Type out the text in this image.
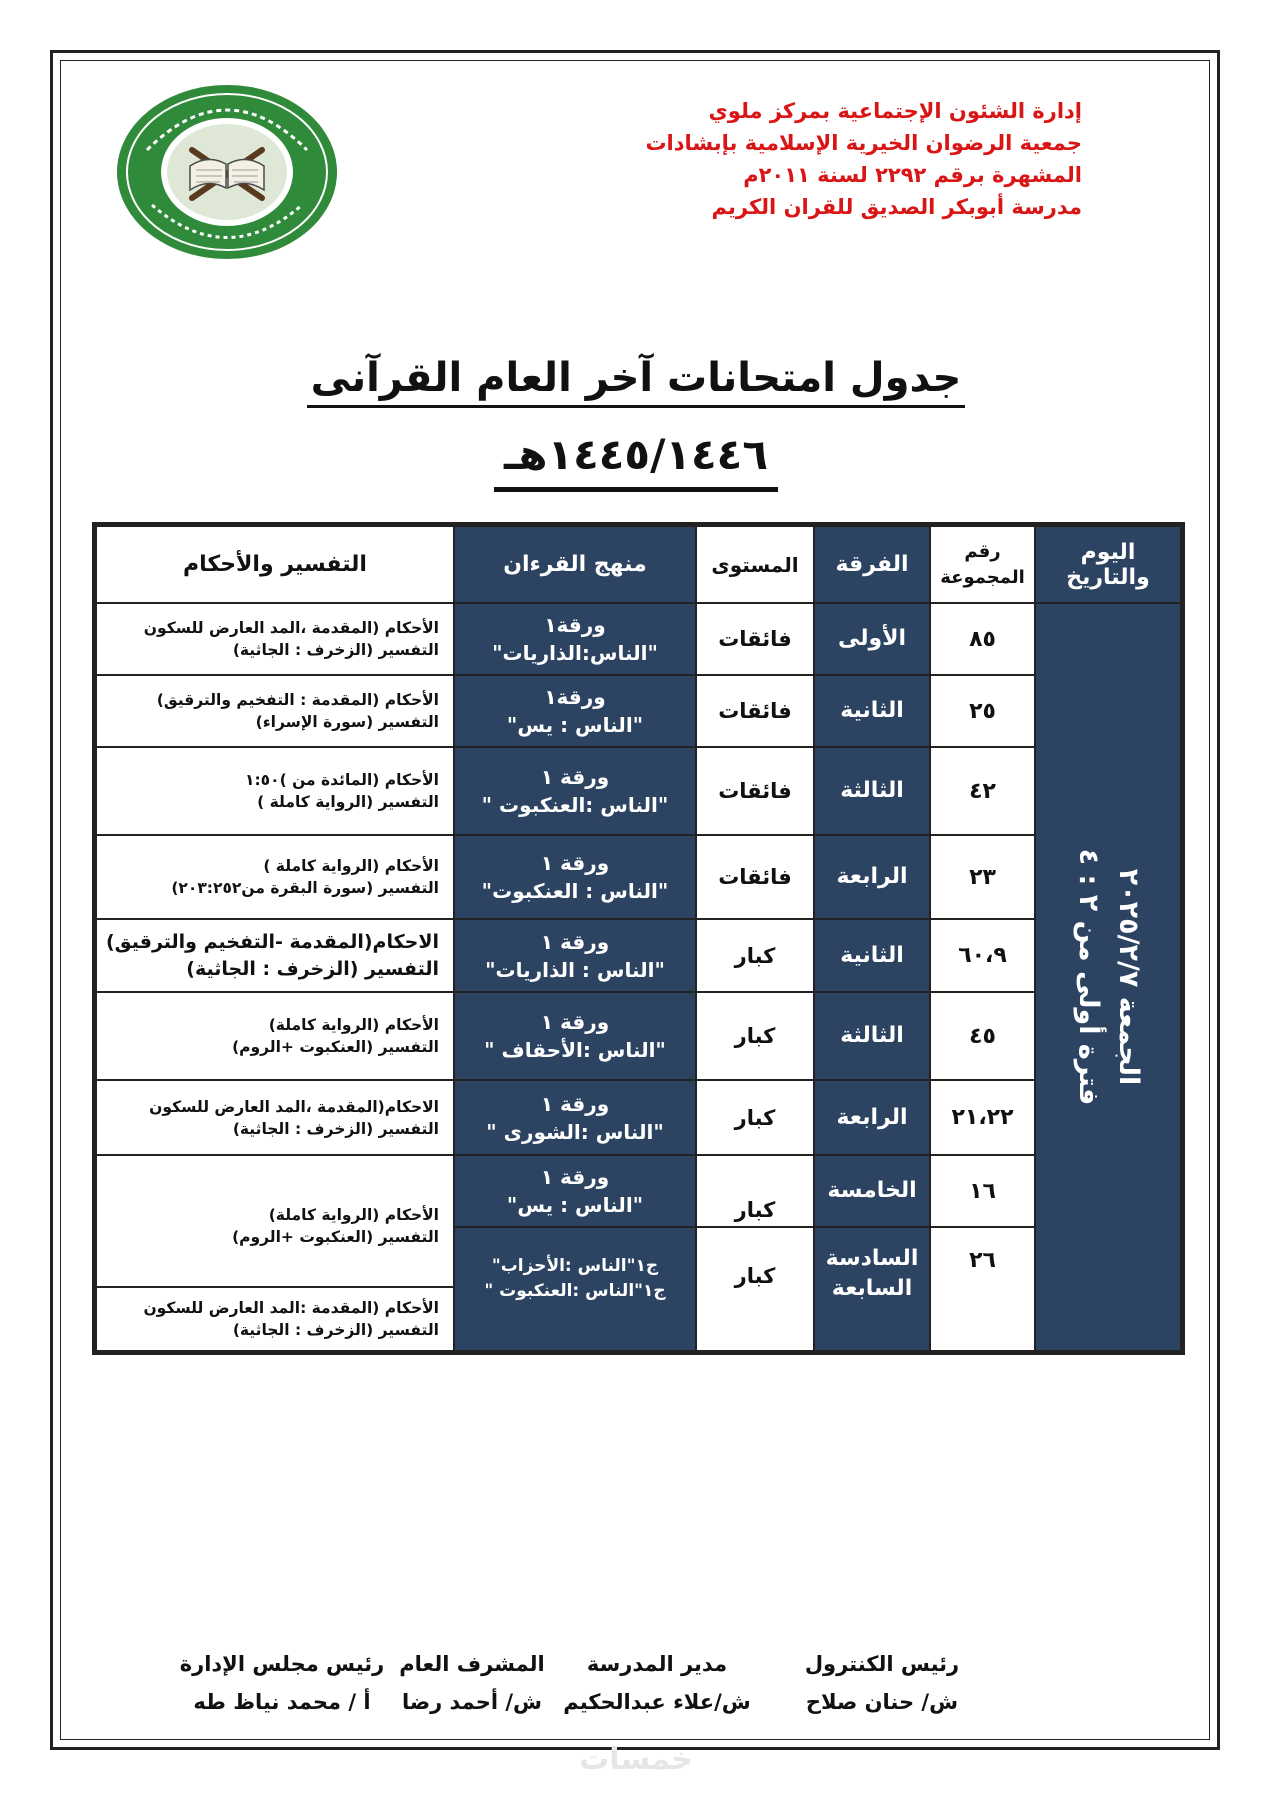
إدارة الشئون الإجتماعية بمركز ملوي
جمعية الرضوان الخيرية الإسلامية بإبشادات
المشهرة برقم ٢٢٩٢ لسنة ٢٠١١م
مدرسة أبوبكر الصديق للقران الكريم
جدول امتحانات آخر العام القرآنى
١٤٤٥/١٤٤٦هـ
اليوم
والتاريخ
رقم
المجموعة
الفرقة
المستوى
منهج القرءان
التفسير والأحكام
الجمعة ٢٠٢٥/٢/٧
فترة أولى من ٢ : ٤
٨٥
الأولى
فائقات
ورقة١
"الناس:الذاريات"
الأحكام (المقدمة ،المد العارض للسكون
التفسير (الزخرف : الجاثية)
٢٥
الثانية
فائقات
ورقة١
"الناس : يس"
الأحكام (المقدمة : التفخيم والترقيق)
التفسير (سورة الإسراء)
٤٢
الثالثة
فائقات
ورقة ١
"الناس :العنكبوت "
الأحكام (المائدة من )١:٥٠
التفسير (الرواية كاملة )
٢٣
الرابعة
فائقات
ورقة ١
"الناس : العنكبوت"
الأحكام (الرواية كاملة )
التفسير (سورة البقرة من٢٠٣:٢٥٢)
٦٠،٩
الثانية
كبار
ورقة ١
"الناس : الذاريات"
الاحكام(المقدمة -التفخيم والترقيق)
التفسير (الزخرف : الجاثية)
٤٥
الثالثة
كبار
ورقة ١
"الناس :الأحقاف "
الأحكام (الرواية كاملة)
التفسير (العنكبوت +الروم)
٢١،٢٢
الرابعة
كبار
ورقة ١
"الناس :الشورى "
الاحكام(المقدمة ،المد العارض للسكون
التفسير (الزخرف : الجاثية)
١٦
الخامسة
كبار
ورقة ١
"الناس : يس"
٢٦
السادسة
السابعة
كبار
ج١"الناس :الأحزاب"
ج١"الناس :العنكبوت "
الأحكام (الرواية كاملة)
التفسير (العنكبوت +الروم)
الأحكام (المقدمة :المد العارض للسكون
التفسير (الزخرف : الجاثية)
رئيس الكنترول
ش/ حنان صلاح
مدير المدرسة
ش/علاء عبدالحكيم
المشرف العام
ش/ أحمد رضا
رئيس مجلس الإدارة
أ / محمد نياظ طه
خمسات
